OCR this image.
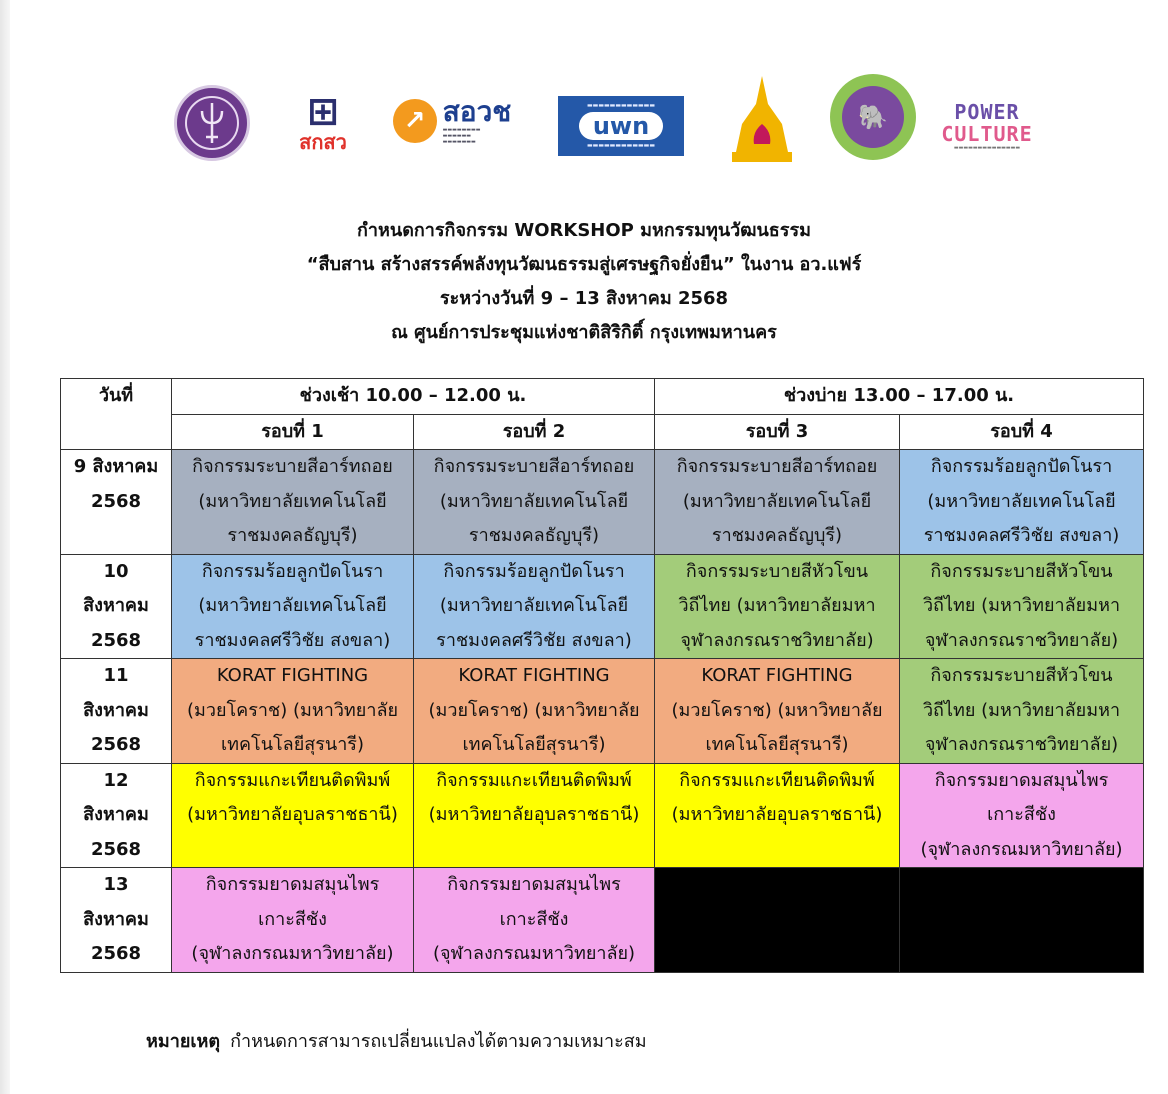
⊞
สกสว
↗ สอวช
▬▬▬▬▬▬▬▬
▬▬▬▬▬▬
▬▬▬▬▬▬▬
▬▬▬▬▬▬▬▬▬▬▬▬
uwn
▬▬▬▬▬▬▬▬▬▬▬▬
🐘	POWER
CULTURE
▬▬▬▬▬▬▬▬▬▬▬▬▬▬
กำหนดการกิจกรรม WORKSHOP มหกรรมทุนวัฒนธรรม
“สืบสาน สร้างสรรค์พลังทุนวัฒนธรรมสู่เศรษฐกิจยั่งยืน” ในงาน อว.แฟร์
ระหว่างวันที่ 9 – 13 สิงหาคม 2568
ณ ศูนย์การประชุมแห่งชาติสิริกิติ์ กรุงเทพมหานคร
วันที่	ช่วงเช้า 10.00 – 12.00 น.		ช่วงบ่าย 13.00 – 17.00 น.	
	รอบที่ 1	รอบที่ 2	รอบที่ 3	รอบที่ 4

9 สิงหาคม
2568	กิจกรรมระบายสีอาร์ทถอย
(มหาวิทยาลัยเทคโนโลยี
ราชมงคลธัญบุรี)	กิจกรรมระบายสีอาร์ทถอย
(มหาวิทยาลัยเทคโนโลยี
ราชมงคลธัญบุรี)	กิจกรรมระบายสีอาร์ทถอย
(มหาวิทยาลัยเทคโนโลยี
ราชมงคลธัญบุรี)	กิจกรรมร้อยลูกปัดโนรา
(มหาวิทยาลัยเทคโนโลยี
ราชมงคลศรีวิชัย สงขลา)

10
สิงหาคม
2568	กิจกรรมร้อยลูกปัดโนรา
(มหาวิทยาลัยเทคโนโลยี
ราชมงคลศรีวิชัย สงขลา)	กิจกรรมร้อยลูกปัดโนรา
(มหาวิทยาลัยเทคโนโลยี
ราชมงคลศรีวิชัย สงขลา)	กิจกรรมระบายสีหัวโขน
วิถีไทย (มหาวิทยาลัยมหา
จุฬาลงกรณราชวิทยาลัย)	กิจกรรมระบายสีหัวโขน
วิถีไทย (มหาวิทยาลัยมหา
จุฬาลงกรณราชวิทยาลัย)

11
สิงหาคม
2568	KORAT FIGHTING
(มวยโคราช) (มหาวิทยาลัย
เทคโนโลยีสุรนารี)	KORAT FIGHTING
(มวยโคราช) (มหาวิทยาลัย
เทคโนโลยีสุรนารี)	KORAT FIGHTING
(มวยโคราช) (มหาวิทยาลัย
เทคโนโลยีสุรนารี)	กิจกรรมระบายสีหัวโขน
วิถีไทย (มหาวิทยาลัยมหา
จุฬาลงกรณราชวิทยาลัย)

12
สิงหาคม
2568	กิจกรรมแกะเทียนติดพิมพ์
(มหาวิทยาลัยอุบลราชธานี)	กิจกรรมแกะเทียนติดพิมพ์
(มหาวิทยาลัยอุบลราชธานี)	กิจกรรมแกะเทียนติดพิมพ์
(มหาวิทยาลัยอุบลราชธานี)	กิจกรรมยาดมสมุนไพร
เกาะสีชัง
(จุฬาลงกรณมหาวิทยาลัย)

13
สิงหาคม
2568	กิจกรรมยาดมสมุนไพร
เกาะสีชัง
(จุฬาลงกรณมหาวิทยาลัย)	กิจกรรมยาดมสมุนไพร
เกาะสีชัง
(จุฬาลงกรณมหาวิทยาลัย)		

หมายเหตุ กำหนดการสามารถเปลี่ยนแปลงได้ตามความเหมาะสม
